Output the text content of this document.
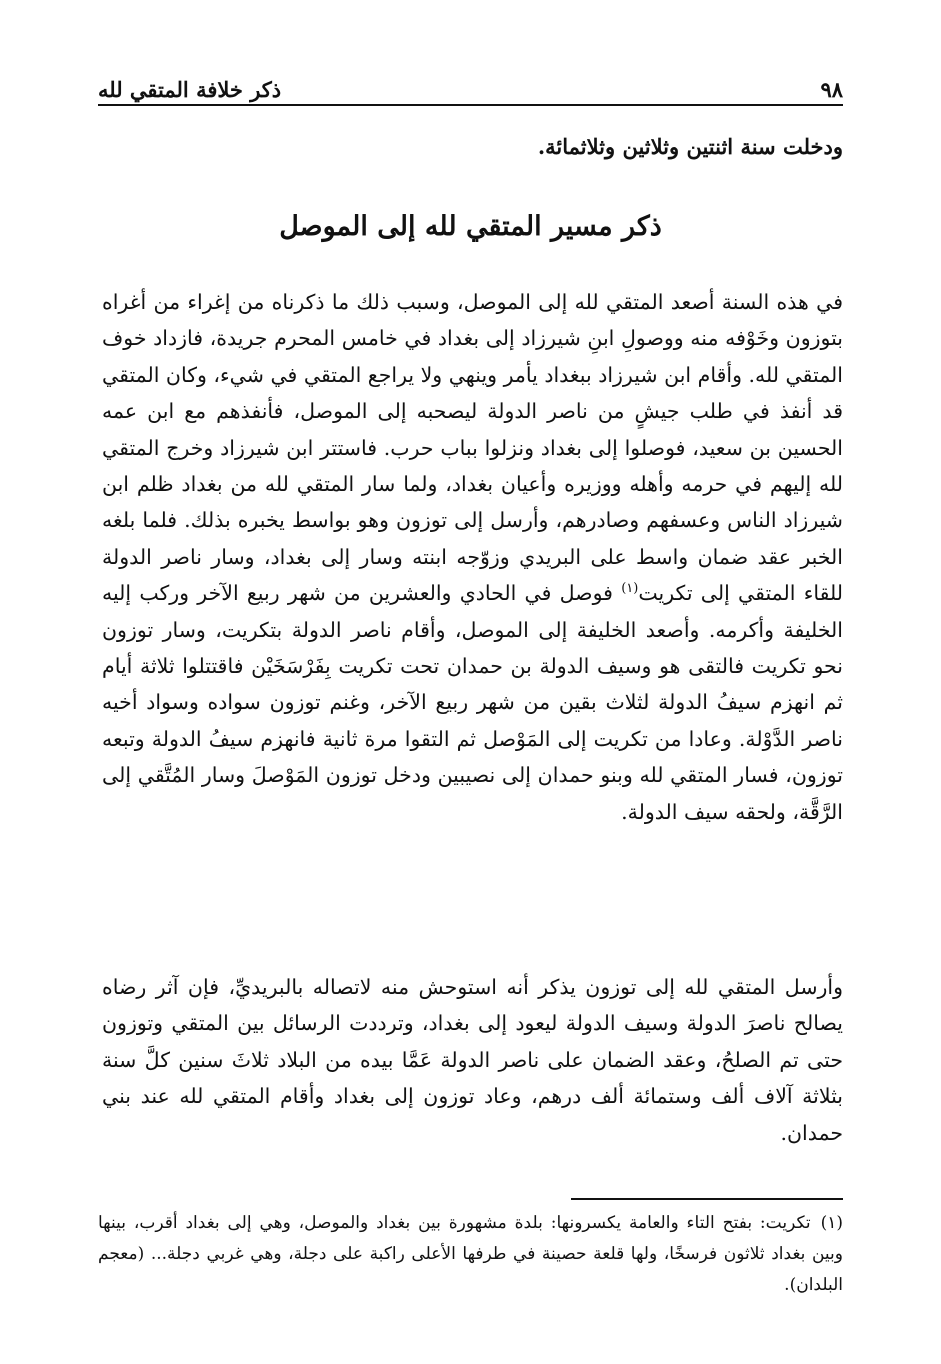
٩٨
ذكر خلافة المتقي لله
ودخلت سنة اثنتين وثلاثين وثلاثمائة.
ذكر مسير المتقي لله إلى الموصل

في هذه السنة أصعد المتقي لله إلى الموصل، وسبب ذلك ما ذكرناه من إغراء من أغراه بتوزون وخَوْفه منه ووصولِ ابنِ شيرزاد إلى بغداد في خامس المحرم جريدة، فازداد خوف المتقي لله. وأقام ابن شيرزاد ببغداد يأمر وينهي ولا يراجع المتقي في شيء، وكان المتقي قد أنفذ في طلب جيشٍ من ناصر الدولة ليصحبه إلى الموصل، فأنفذهم مع ابن عمه الحسين بن سعيد، فوصلوا إلى بغداد ونزلوا بباب حرب. فاستتر ابن شيرزاد وخرج المتقي لله إليهم في حرمه وأهله ووزيره وأعيان بغداد، ولما سار المتقي لله من بغداد ظلم ابن شيرزاد الناس وعسفهم وصادرهم، وأرسل إلى توزون وهو بواسط يخبره بذلك. فلما بلغه الخبر عقد ضمان واسط على البريدي وزوّجه ابنته وسار إلى بغداد، وسار ناصر الدولة للقاء المتقي إلى تكريت$^{(١)}$ فوصل في الحادي والعشرين من شهر ربيع الآخر وركب إليه الخليفة وأكرمه. وأصعد الخليفة إلى الموصل، وأقام ناصر الدولة بتكريت، وسار توزون نحو تكريت فالتقى هو وسيف الدولة بن حمدان تحت تكريت بِفَرْسَخَيْن فاقتتلوا ثلاثة أيام ثم انهزم سيفُ الدولة لثلاث بقين من شهر ربيع الآخر، وغنم توزون سواده وسواد أخيه ناصر الدَّوْلة. وعادا من تكريت إلى المَوْصل ثم التقوا مرة ثانية فانهزم سيفُ الدولة وتبعه توزون، فسار المتقي لله وبنو حمدان إلى نصيبين ودخل توزون المَوْصلَ وسار المُتَّقي إلى الرَّقَّة، ولحقه سيف الدولة.

وأرسل المتقي لله إلى توزون يذكر أنه استوحش منه لاتصاله بالبريديِّ، فإن آثر رضاه يصالح ناصرَ الدولة وسيف الدولة ليعود إلى بغداد، وترددت الرسائل بين المتقي وتوزون حتى تم الصلحُ، وعقد الضمان على ناصر الدولة عَمَّا بيده من البلاد ثلاثَ سنين كلَّ سنة بثلاثة آلاف ألف وستمائة ألف درهم، وعاد توزون إلى بغداد وأقام المتقي لله عند بني حمدان.

(١)تكريت: بفتح التاء والعامة يكسرونها: بلدة مشهورة بين بغداد والموصل، وهي إلى بغداد أقرب، بينها وبين بغداد ثلاثون فرسخًا، ولها قلعة حصينة في طرفها الأعلى راكبة على دجلة، وهي غربي دجلة... (معجم البلدان).
